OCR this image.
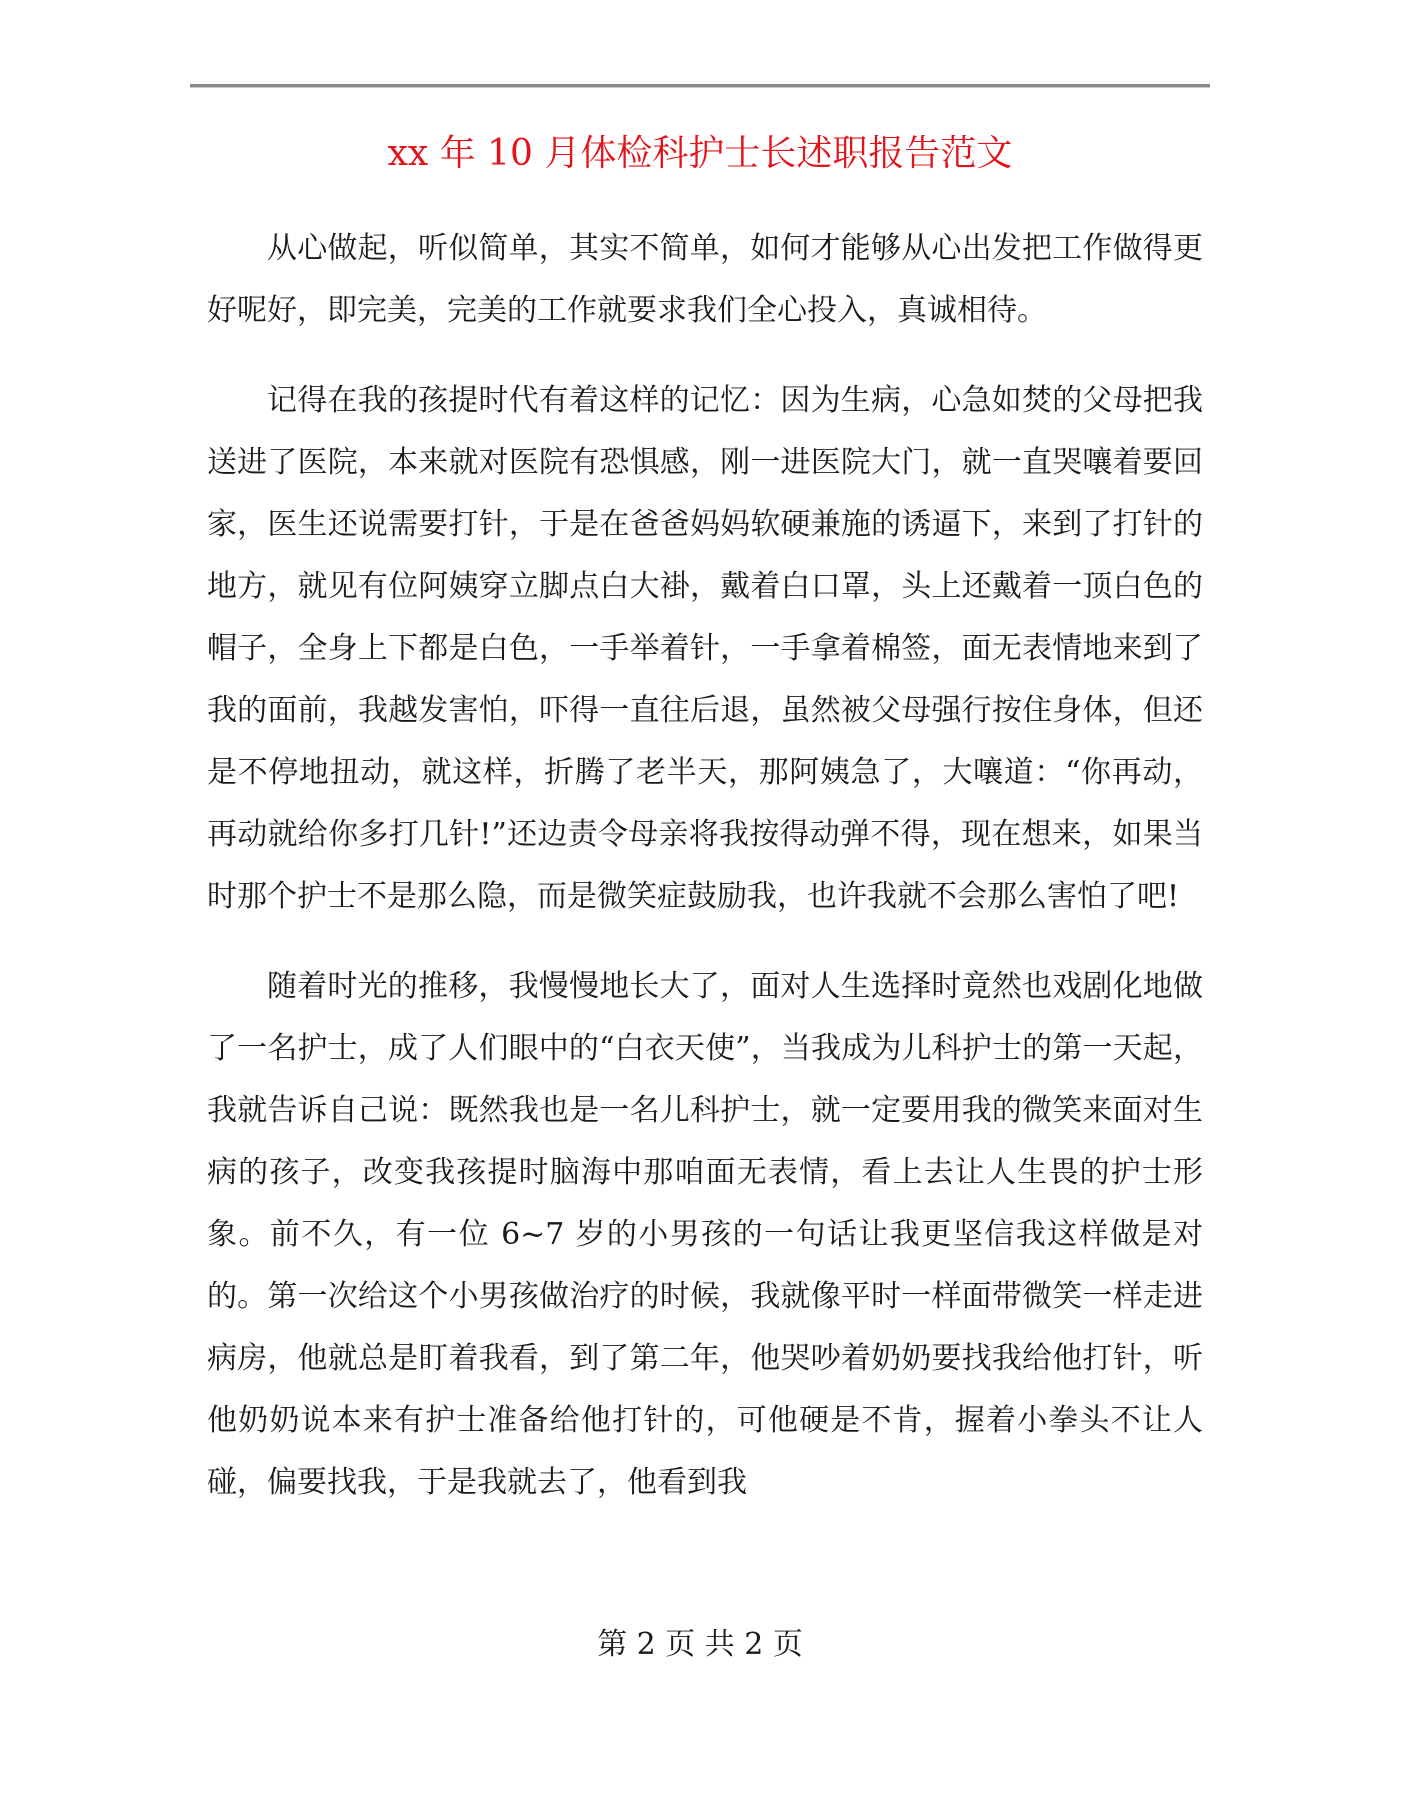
xx 年 10 月体检科护士长述职报告范文

从心做起，听似简单，其实不简单，如何才能够从心出发把工作做得更好呢好，即完美，完美的工作就要求我们全心投入，真诚相待。

记得在我的孩提时代有着这样的记忆：因为生病，心急如焚的父母把我送进了医院，本来就对医院有恐惧感，刚一进医院大门，就一直哭嚷着要回家，医生还说需要打针，于是在爸爸妈妈软硬兼施的诱逼下，来到了打针的地方，就见有位阿姨穿立脚点白大褂，戴着白口罩，头上还戴着一顶白色的帽子，全身上下都是白色，一手举着针，一手拿着棉签，面无表情地来到了我的面前，我越发害怕，吓得一直往后退，虽然被父母强行按住身体，但还是不停地扭动，就这样，折腾了老半天，那阿姨急了，大嚷道：“你再动，再动就给你多打几针!”还边责令母亲将我按得动弹不得，现在想来，如果当时那个护士不是那么隐，而是微笑症鼓励我，也许我就不会那么害怕了吧!

随着时光的推移，我慢慢地长大了，面对人生选择时竟然也戏剧化地做了一名护士，成了人们眼中的“白衣天使”，当我成为儿科护士的第一天起，我就告诉自己说：既然我也是一名儿科护士，就一定要用我的微笑来面对生病的孩子，改变我孩提时脑海中那咱面无表情，看上去让人生畏的护士形象。前不久，有一位 6~7 岁的小男孩的一句话让我更坚信我这样做是对的。第一次给这个小男孩做治疗的时候，我就像平时一样面带微笑一样走进病房，他就总是盯着我看，到了第二年，他哭吵着奶奶要找我给他打针，听他奶奶说本来有护士准备给他打针的，可他硬是不肯，握着小拳头不让人碰，偏要找我，于是我就去了，他看到我

第 2 页 共 2 页
